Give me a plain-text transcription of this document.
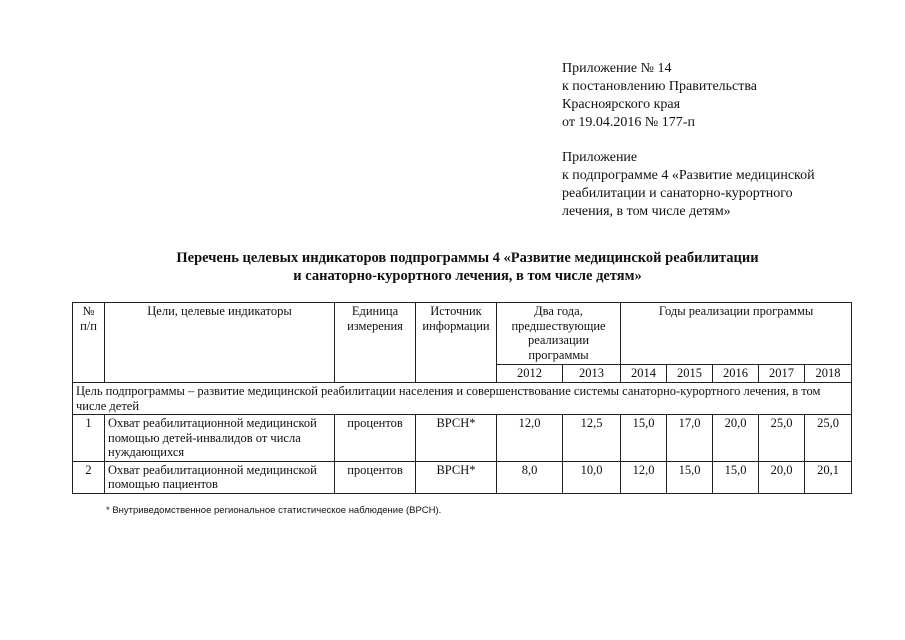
Приложение № 14
к постановлению Правительства
Красноярского края
от 19.04.2016 № 177-п
Приложение
к подпрограмме 4 «Развитие медицинской
реабилитации и санаторно-курортного
лечения, в том числе детям»
Перечень целевых индикаторов подпрограммы 4 «Развитие медицинской реабилитации
и санаторно-курортного лечения, в том числе детям»
№ п/п	Цели, целевые индикаторы	Единица измерения	Источник информации	Два года, предшествующие реализации программы		Годы реализации программы				
				2012	2013	2014	2015	2016	2017	2018
Цель подпрограммы – развитие медицинской реабилитации населения и совершенствование системы санаторно-курортного лечения, в том числе детей										
1	Охват реабилитационной медицинской помощью детей-инвалидов от числа нуждающихся	процентов	ВРСН*	12,0	12,5	15,0	17,0	20,0	25,0	25,0
2	Охват реабилитационной медицинской помощью пациентов	процентов	ВРСН*	8,0	10,0	12,0	15,0	15,0	20,0	20,1
* Внутриведомственное региональное статистическое наблюдение (ВРСН).
